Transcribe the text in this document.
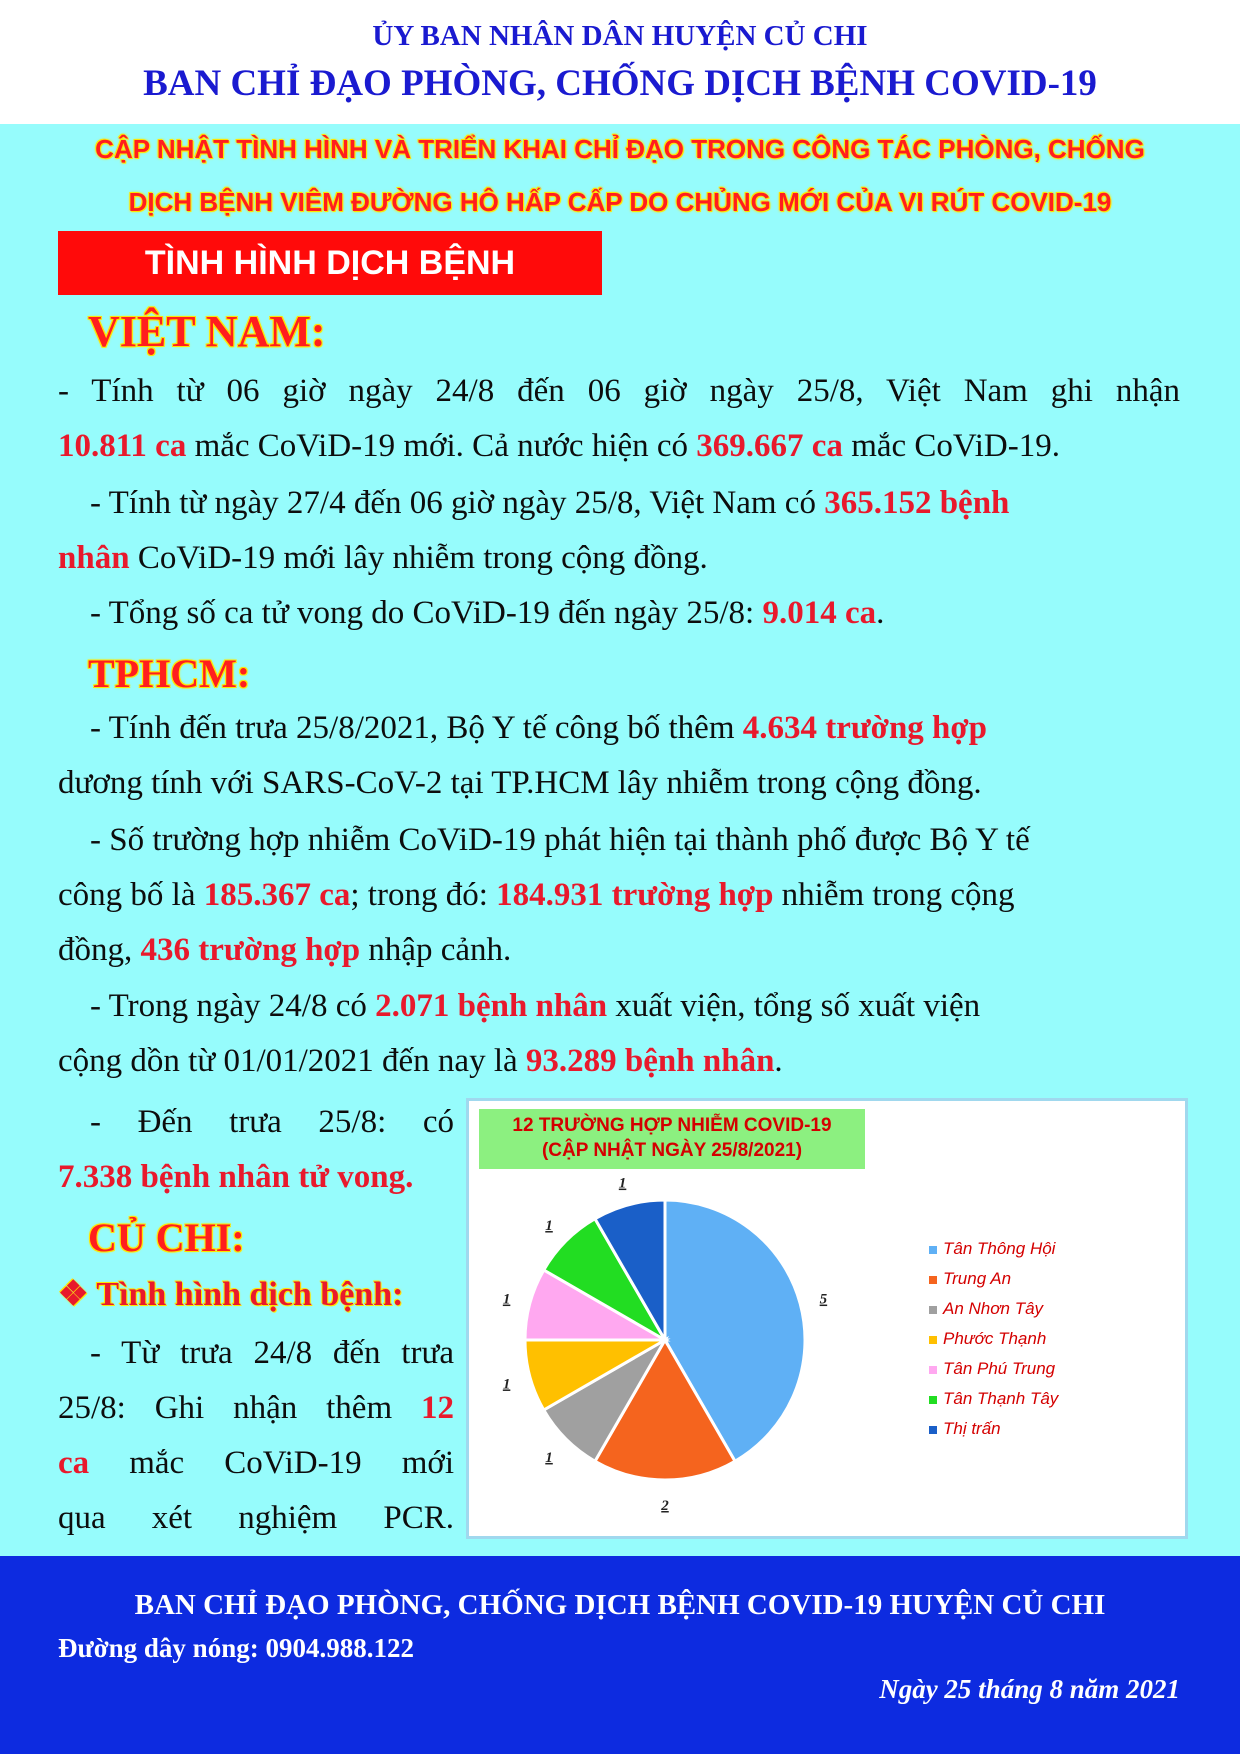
ỦY BAN NHÂN DÂN HUYỆN CỦ CHI
BAN CHỈ ĐẠO PHÒNG, CHỐNG DỊCH BỆNH COVID-19
CẬP NHẬT TÌNH HÌNH VÀ TRIỂN KHAI CHỈ ĐẠO TRONG CÔNG TÁC PHÒNG, CHỐNG
DỊCH BỆNH VIÊM ĐƯỜNG HÔ HẤP CẤP DO CHỦNG MỚI CỦA VI RÚT COVID-19
TÌNH HÌNH DỊCH BỆNH
VIỆT NAM:
- Tính từ 06 giờ ngày 24/8 đến 06 giờ ngày 25/8, Việt Nam ghi nhận
10.811 ca mắc CoViD-19 mới. Cả nước hiện có 369.667 ca mắc CoViD-19.
- Tính từ ngày 27/4 đến 06 giờ ngày 25/8, Việt Nam có 365.152 bệnh
nhân CoViD-19 mới lây nhiễm trong cộng đồng.
- Tổng số ca tử vong do CoViD-19 đến ngày 25/8: 9.014 ca.
TPHCM:
- Tính đến trưa 25/8/2021, Bộ Y tế công bố thêm 4.634 trường hợp
dương tính với SARS-CoV-2 tại TP.HCM lây nhiễm trong cộng đồng.
- Số trường hợp nhiễm CoViD-19 phát hiện tại thành phố được Bộ Y tế
công bố là 185.367 ca; trong đó: 184.931 trường hợp nhiễm trong cộng
đồng, 436 trường hợp nhập cảnh.
- Trong ngày 24/8 có 2.071 bệnh nhân xuất viện, tổng số xuất viện
cộng dồn từ 01/01/2021 đến nay là 93.289 bệnh nhân.
- Đến trưa 25/8: có
7.338 bệnh nhân tử vong.
CỦ CHI:
❖ Tình hình dịch bệnh:
- Từ trưa 24/8 đến trưa
25/8: Ghi nhận thêm 12
ca mắc CoViD-19 mới
qua xét nghiệm PCR.
12 TRƯỜNG HỢP NHIỄM COVID-19
(CẬP NHẬT NGÀY 25/8/2021)
5
2
1
1
1
1
1
Tân Thông Hội
Trung An
An Nhơn Tây
Phước Thạnh
Tân Phú Trung
Tân Thạnh Tây
Thị trấn
BAN CHỈ ĐẠO PHÒNG, CHỐNG DỊCH BỆNH COVID-19 HUYỆN CỦ CHI
Đường dây nóng: 0904.988.122
Ngày 25 tháng 8 năm 2021
